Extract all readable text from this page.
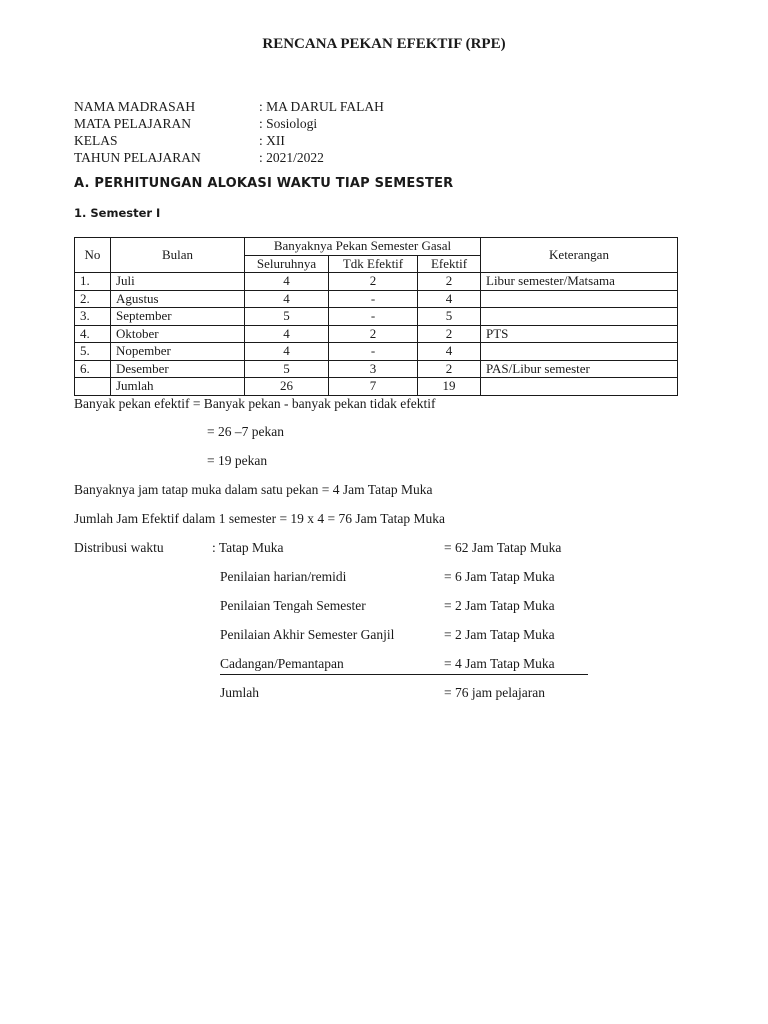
RENCANA PEKAN EFEKTIF (RPE)
NAMA MADRASAH	: MA DARUL FALAH
MATA PELAJARAN	: Sosiologi
KELAS	: XII
TAHUN PELAJARAN	: 2021/2022
A. PERHITUNGAN ALOKASI WAKTU TIAP SEMESTER
1. Semester I
No	Bulan	Banyaknya Pekan Semester Gasal			Keterangan
		Seluruhnya	Tdk Efektif	Efektif	
1.	Juli	4	2	2	Libur semester/Matsama
2.	Agustus	4	-	4	
3.	September	5	-	5	
4.	Oktober	4	2	2	PTS
5.	Nopember	4	-	4	
6.	Desember	5	3	2	PAS/Libur semester
	Jumlah	26	7	19	
Banyak pekan efektif = Banyak pekan - banyak pekan tidak efektif
= 26 –7 pekan
= 19 pekan
Banyaknya jam tatap muka dalam satu pekan = 4 Jam Tatap Muka
Jumlah Jam Efektif dalam 1 semester = 19 x 4 = 76 Jam Tatap Muka
Distribusi waktu	: Tatap Muka	= 62 Jam Tatap Muka
Penilaian harian/remidi	= 6 Jam Tatap Muka
Penilaian Tengah Semester	= 2 Jam Tatap Muka
Penilaian Akhir Semester Ganjil	= 2 Jam Tatap Muka
Cadangan/Pemantapan	= 4 Jam Tatap Muka
Jumlah	= 76 jam pelajaran
